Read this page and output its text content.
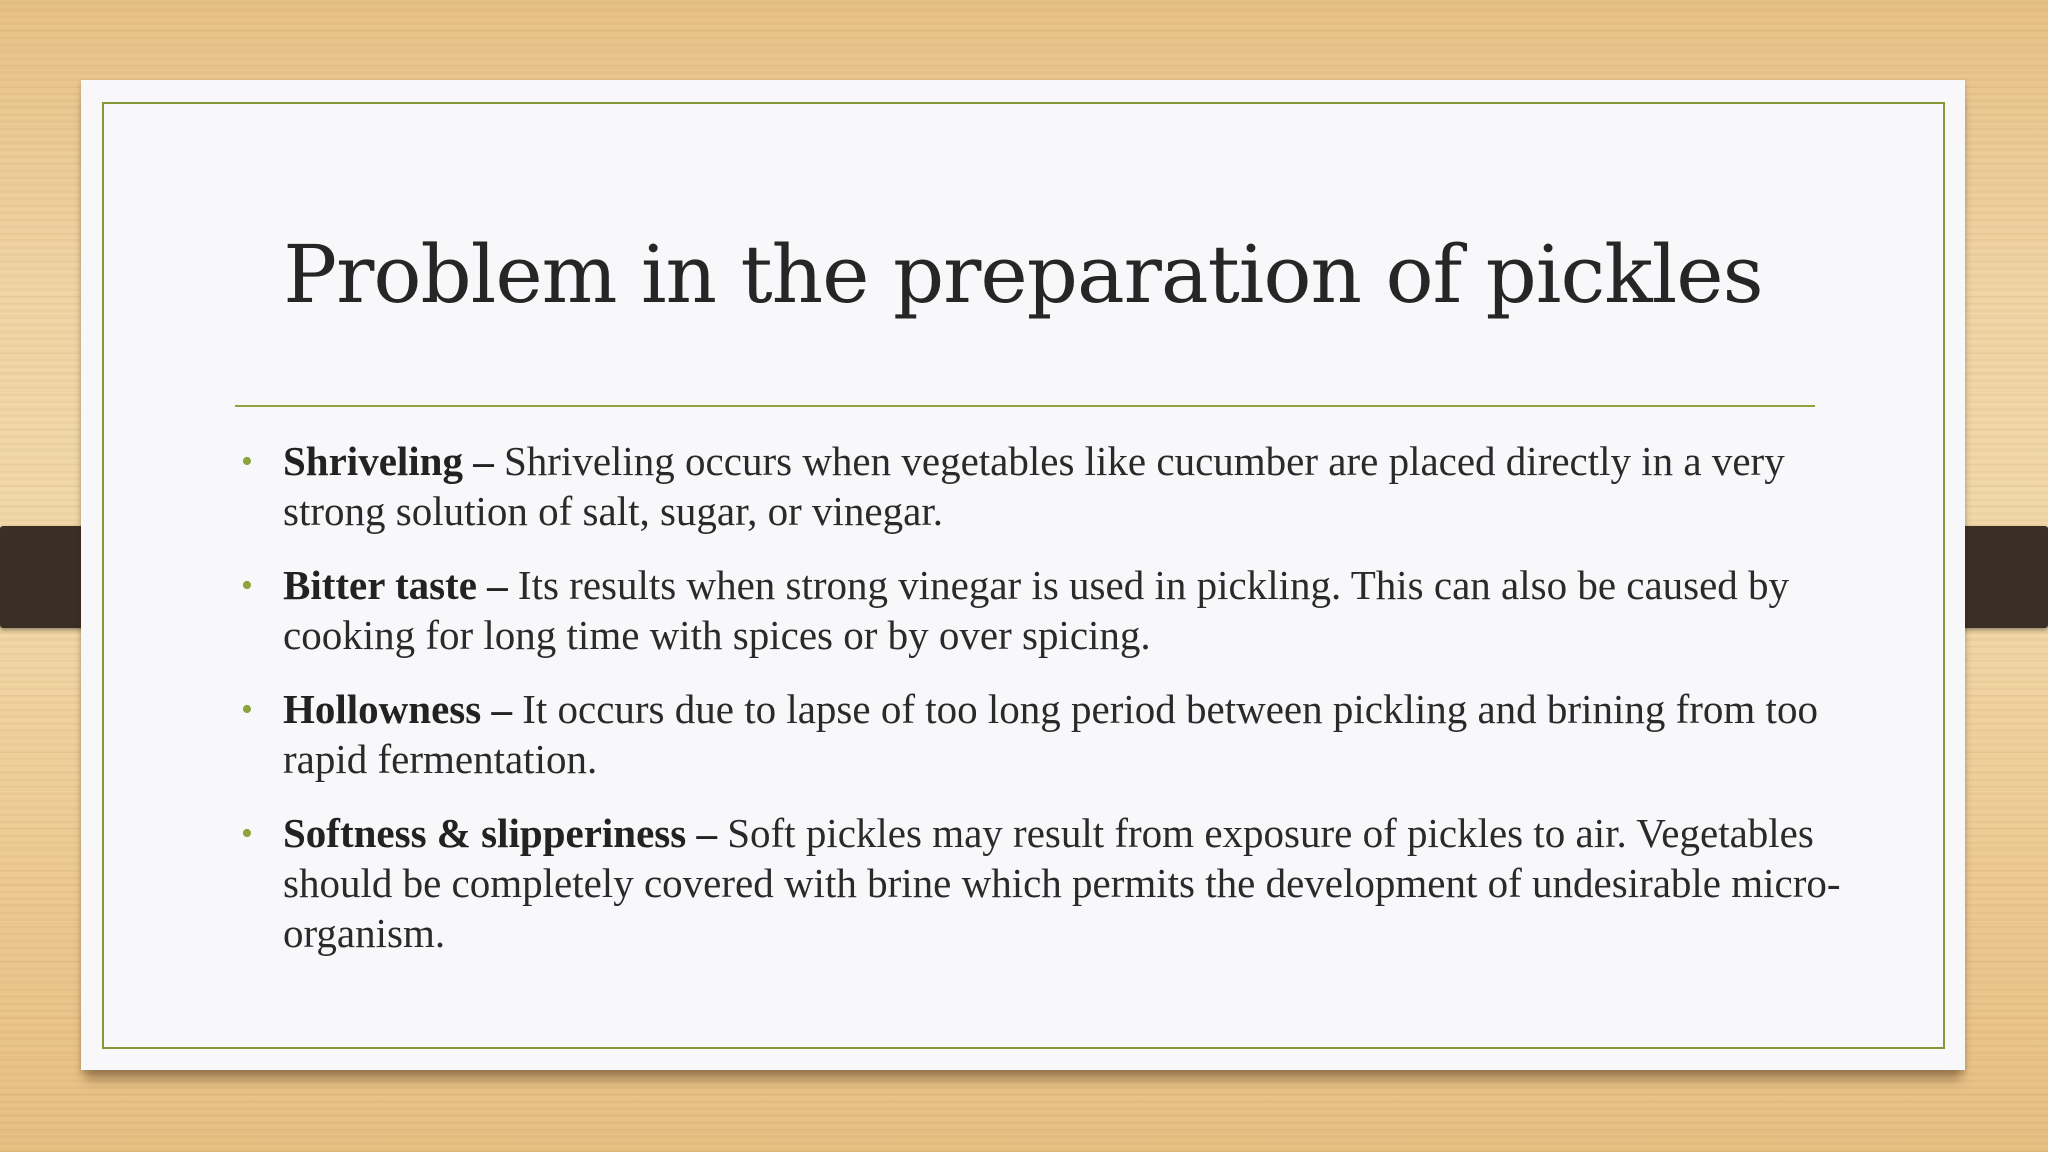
Problem in the preparation of pickles
• Shriveling – Shriveling occurs when vegetables like cucumber are placed directly in a very strong solution of salt, sugar, or vinegar.
• Bitter taste – Its results when strong vinegar is used in pickling. This can also be caused by cooking for long time with spices or by over spicing.
• Hollowness – It occurs due to lapse of too long period between pickling and brining from too rapid fermentation.
• Softness & slipperiness – Soft pickles may result from exposure of pickles to air. Vegetables should be completely covered with brine which permits the development of undesirable micro-organism.
